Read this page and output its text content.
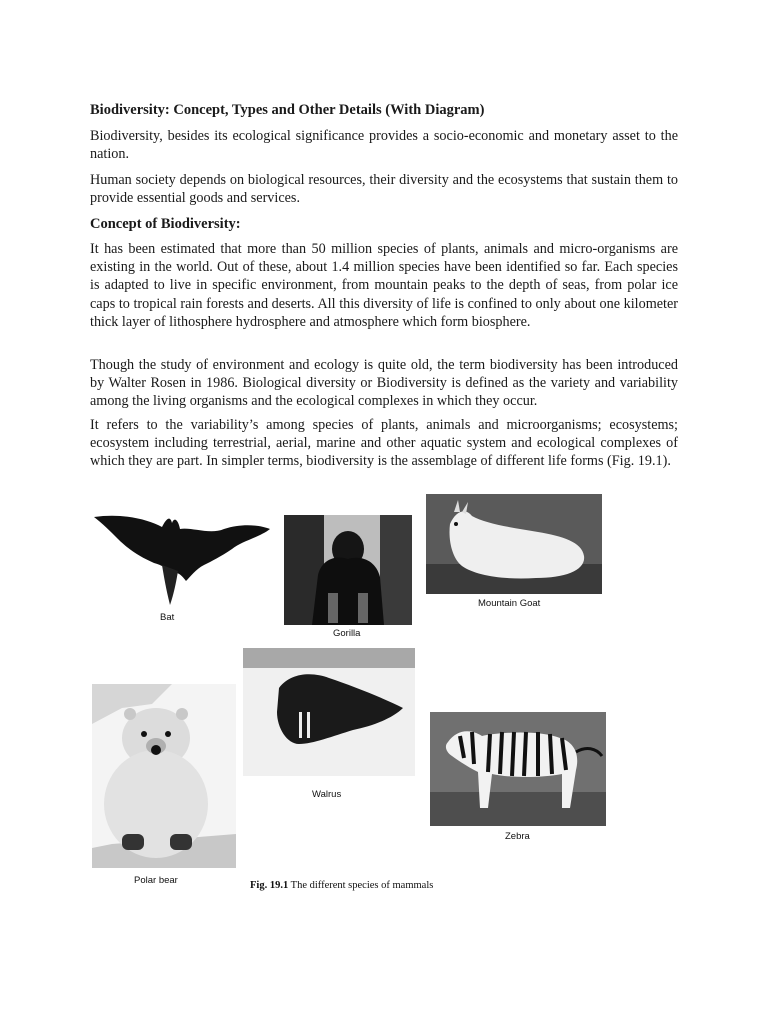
Biodiversity: Concept, Types and Other Details (With Diagram)

Biodiversity, besides its ecological significance provides a socio-economic and monetary asset to the nation.

Human society depends on biological resources, their diversity and the ecosystems that sustain them to provide essential goods and services.

Concept of Biodiversity:

It has been estimated that more than 50 million species of plants, animals and micro-organisms are existing in the world. Out of these, about 1.4 million species have been identified so far. Each species is adapted to live in specific environment, from mountain peaks to the depth of seas, from polar ice caps to tropical rain forests and deserts. All this diversity of life is confined to only about one kilometer thick layer of lithosphere hydrosphere and atmosphere which form biosphere.

Though the study of environment and ecology is quite old, the term biodiversity has been introduced by Walter Rosen in 1986. Biological diversity or Biodiversity is defined as the variety and variability among the living organisms and the ecological complexes in which they occur.

It refers to the variability’s among species of plants, animals and microorganisms; ecosystems; ecosystem including terrestrial, aerial, marine and other aquatic system and ecological complexes of which they are part. In simpler terms, biodiversity is the assemblage of different life forms (Fig. 19.1).

Bat
Gorilla
Mountain Goat
Walrus
Zebra
Polar bear	Fig. 19.1 The different species of mammals
